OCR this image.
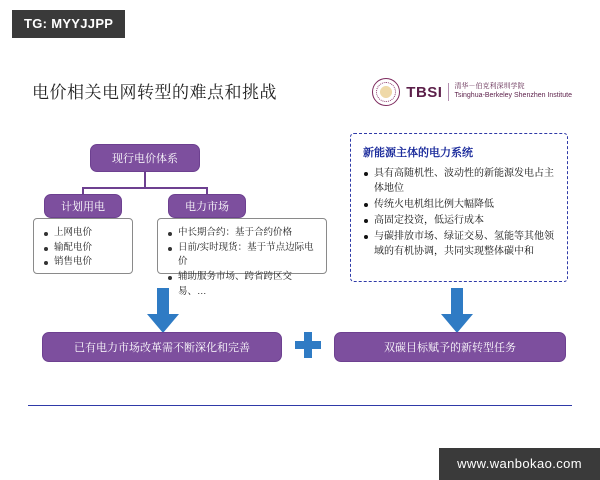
TG: MYYJJPP
电价相关电网转型的难点和挑战	TBSI 清华－伯克利深圳学院
Tsinghua-Berkeley Shenzhen Institute
现行电价体系
计划用电	电力市场
上网电价
输配电价
销售电价
中长期合约：基于合约价格
日前/实时现货：基于节点边际电价
辅助服务市场、跨省跨区交易、…
新能源主体的电力系统
具有高随机性、波动性的新能源发电占主体地位
传统火电机组比例大幅降低
高固定投资，低运行成本
与碳排放市场、绿证交易、氢能等其他领域的有机协调，共同实现整体碳中和
已有电力市场改革需不断深化和完善	双碳目标赋予的新转型任务
www.wanbokao.com
